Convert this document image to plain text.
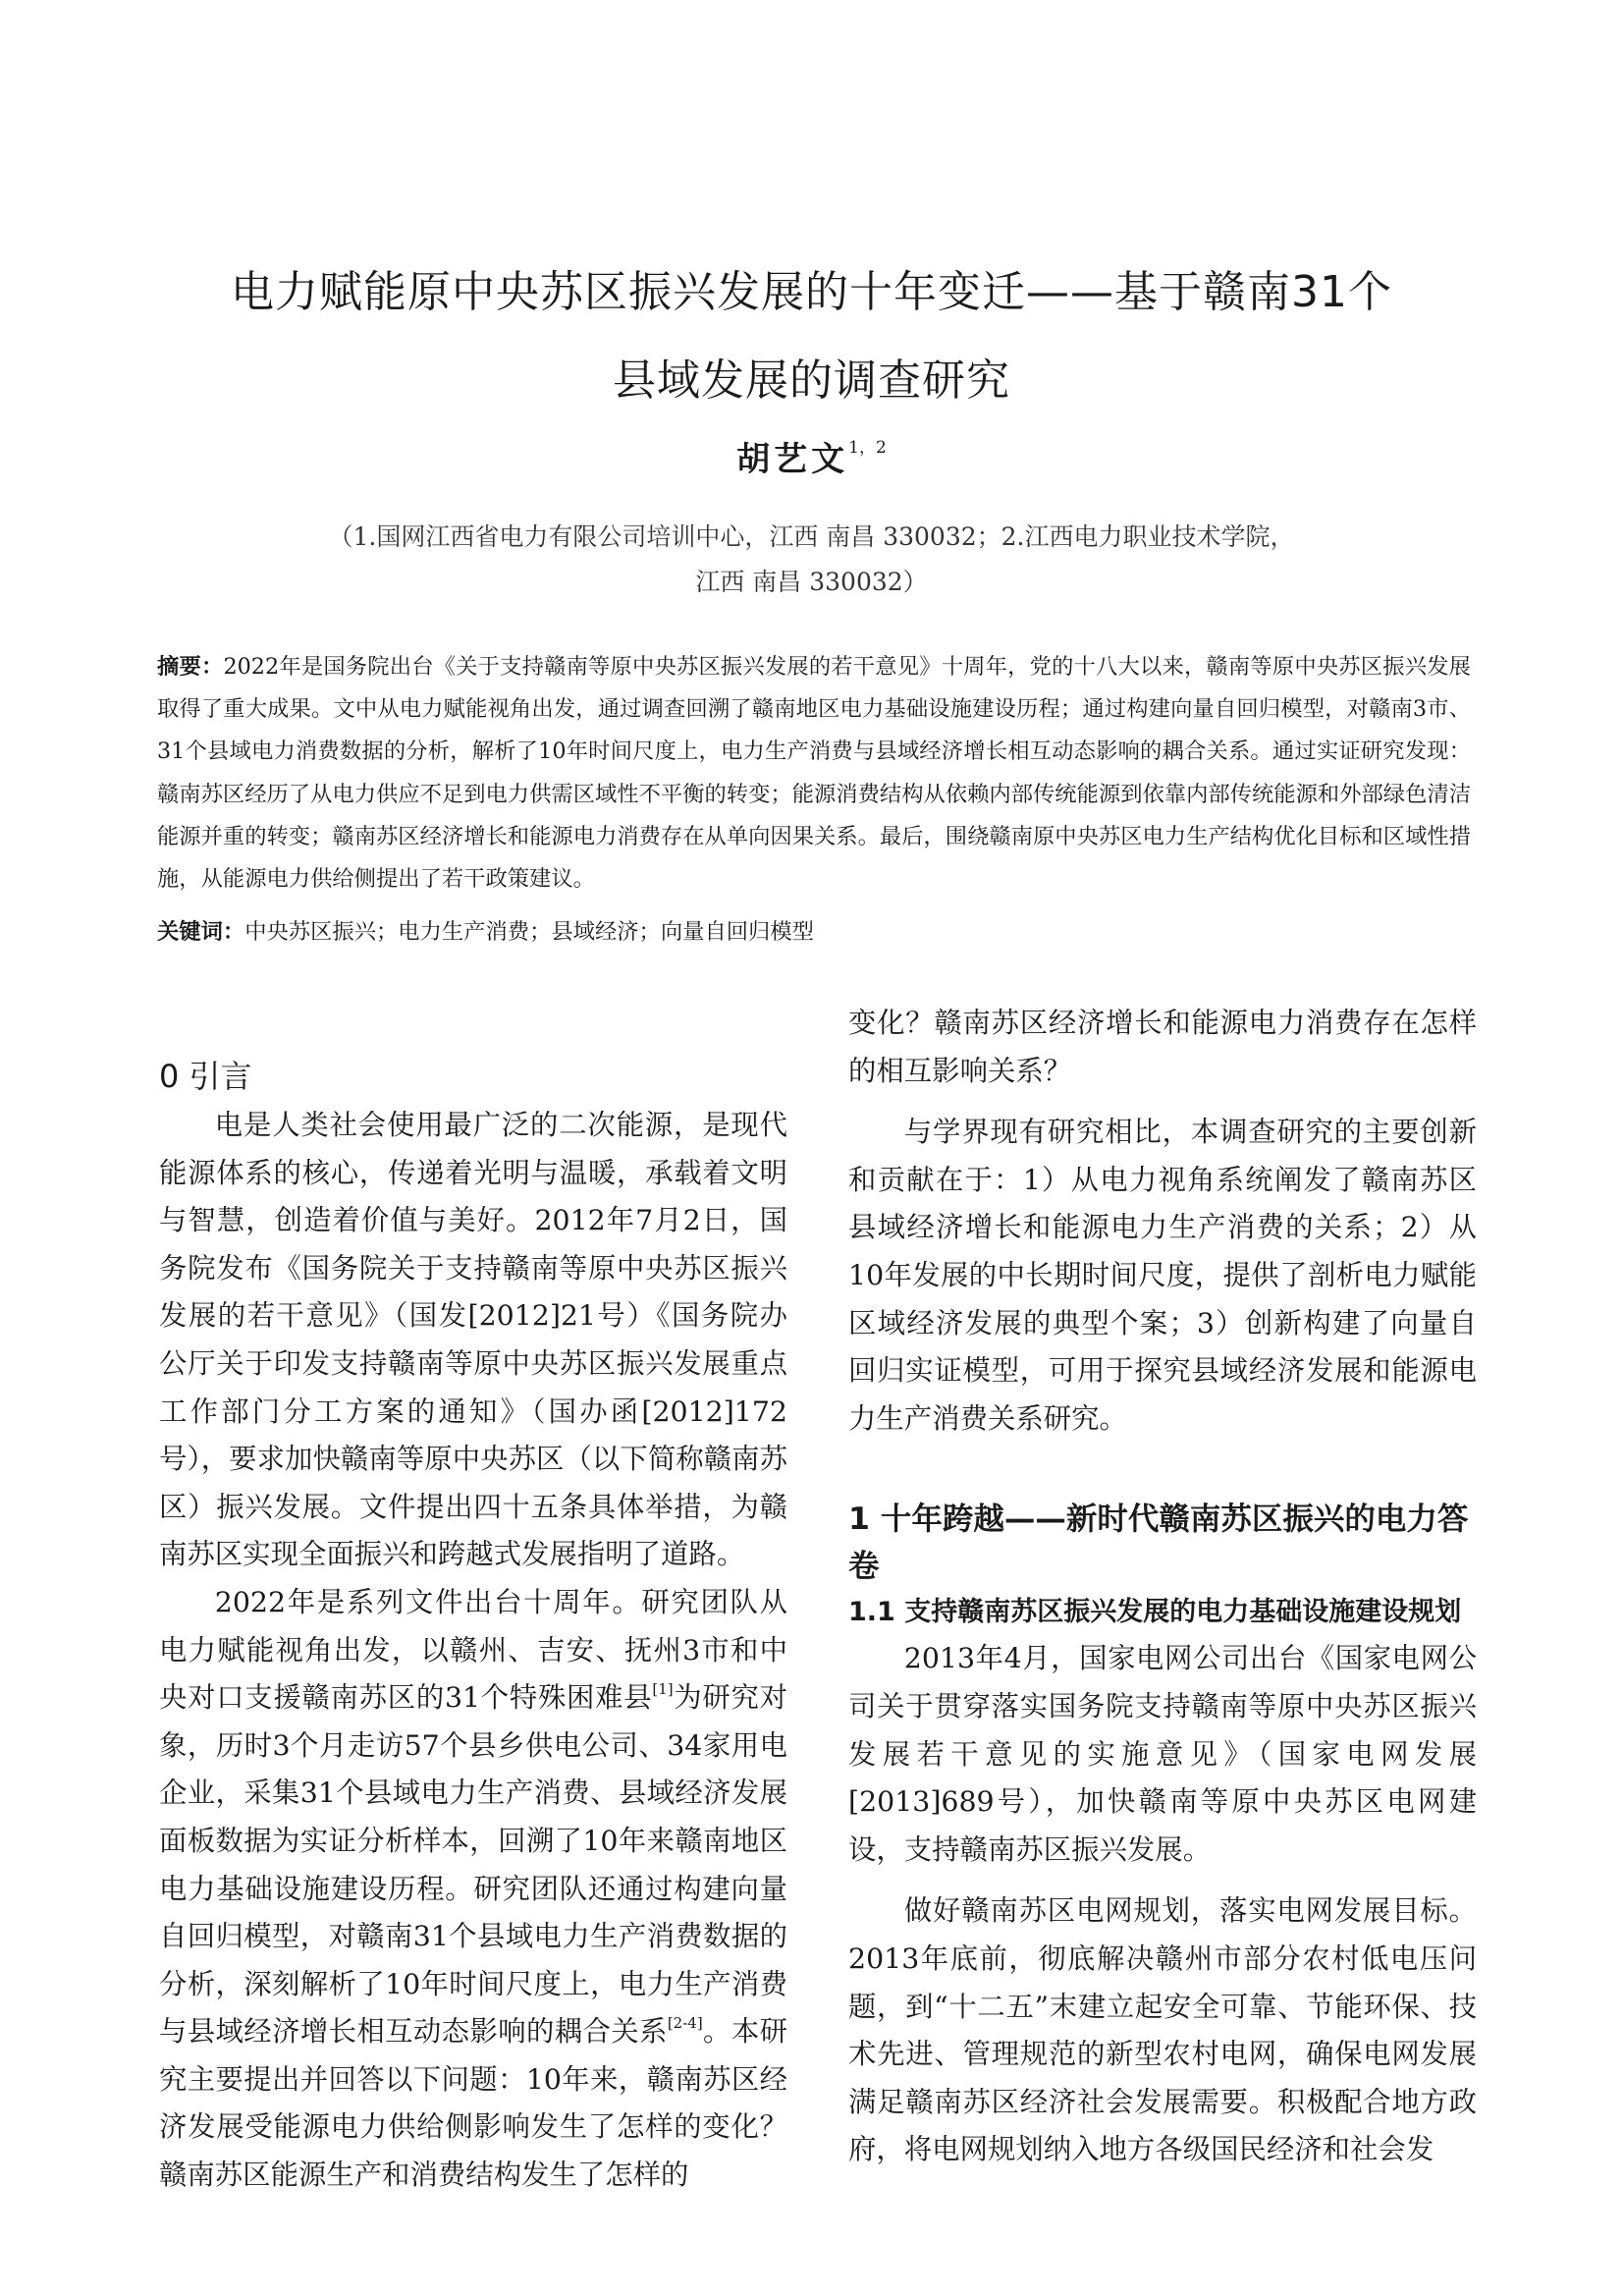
电力赋能原中央苏区振兴发展的十年变迁——基于赣南31个
县域发展的调查研究
胡艺文$^{1,2}$
（1.国网江西省电力有限公司培训中心，江西 南昌 330032；2.江西电力职业技术学院，
江西 南昌 330032）

摘要：2022年是国务院出台《关于支持赣南等原中央苏区振兴发展的若干意见》十周年，党的十八大以来，赣南等原中央苏区振兴发展取得了重大成果。文中从电力赋能视角出发，通过调查回溯了赣南地区电力基础设施建设历程；通过构建向量自回归模型，对赣南3市、31个县域电力消费数据的分析，解析了10年时间尺度上，电力生产消费与县域经济增长相互动态影响的耦合关系。通过实证研究发现：赣南苏区经历了从电力供应不足到电力供需区域性不平衡的转变；能源消费结构从依赖内部传统能源到依靠内部传统能源和外部绿色清洁能源并重的转变；赣南苏区经济增长和能源电力消费存在从单向因果关系。最后，围绕赣南原中央苏区电力生产结构优化目标和区域性措施，从能源电力供给侧提出了若干政策建议。

关键词：中央苏区振兴；电力生产消费；县域经济；向量自回归模型

0 引言

电是人类社会使用最广泛的二次能源，是现代能源体系的核心，传递着光明与温暖，承载着文明与智慧，创造着价值与美好。2012年7月2日，国务院发布《国务院关于支持赣南等原中央苏区振兴发展的若干意见》（国发[2012]21号）《国务院办公厅关于印发支持赣南等原中央苏区振兴发展重点工作部门分工方案的通知》（国办函[2012]172号），要求加快赣南等原中央苏区（以下简称赣南苏区）振兴发展。文件提出四十五条具体举措，为赣南苏区实现全面振兴和跨越式发展指明了道路。

2022年是系列文件出台十周年。研究团队从电力赋能视角出发，以赣州、吉安、抚州3市和中央对口支援赣南苏区的31个特殊困难县[1]为研究对象，历时3个月走访57个县乡供电公司、34家用电企业，采集31个县域电力生产消费、县域经济发展面板数据为实证分析样本，回溯了10年来赣南地区电力基础设施建设历程。研究团队还通过构建向量自回归模型，对赣南31个县域电力生产消费数据的分析，深刻解析了10年时间尺度上，电力生产消费与县域经济增长相互动态影响的耦合关系[2-4]。本研究主要提出并回答以下问题：10年来，赣南苏区经济发展受能源电力供给侧影响发生了怎样的变化？赣南苏区能源生产和消费结构发生了怎样的

变化？赣南苏区经济增长和能源电力消费存在怎样的相互影响关系？

与学界现有研究相比，本调查研究的主要创新和贡献在于：1）从电力视角系统阐发了赣南苏区县域经济增长和能源电力生产消费的关系；2）从10年发展的中长期时间尺度，提供了剖析电力赋能区域经济发展的典型个案；3）创新构建了向量自回归实证模型，可用于探究县域经济发展和能源电力生产消费关系研究。

1 十年跨越——新时代赣南苏区振兴的电力答卷
1.1 支持赣南苏区振兴发展的电力基础设施建设规划

2013年4月，国家电网公司出台《国家电网公司关于贯穿落实国务院支持赣南等原中央苏区振兴发展若干意见的实施意见》（国家电网发展[2013]689号），加快赣南等原中央苏区电网建设，支持赣南苏区振兴发展。

做好赣南苏区电网规划，落实电网发展目标。2013年底前，彻底解决赣州市部分农村低电压问题，到“十二五”末建立起安全可靠、节能环保、技术先进、管理规范的新型农村电网，确保电网发展满足赣南苏区经济社会发展需要。积极配合地方政府，将电网规划纳入地方各级国民经济和社会发
